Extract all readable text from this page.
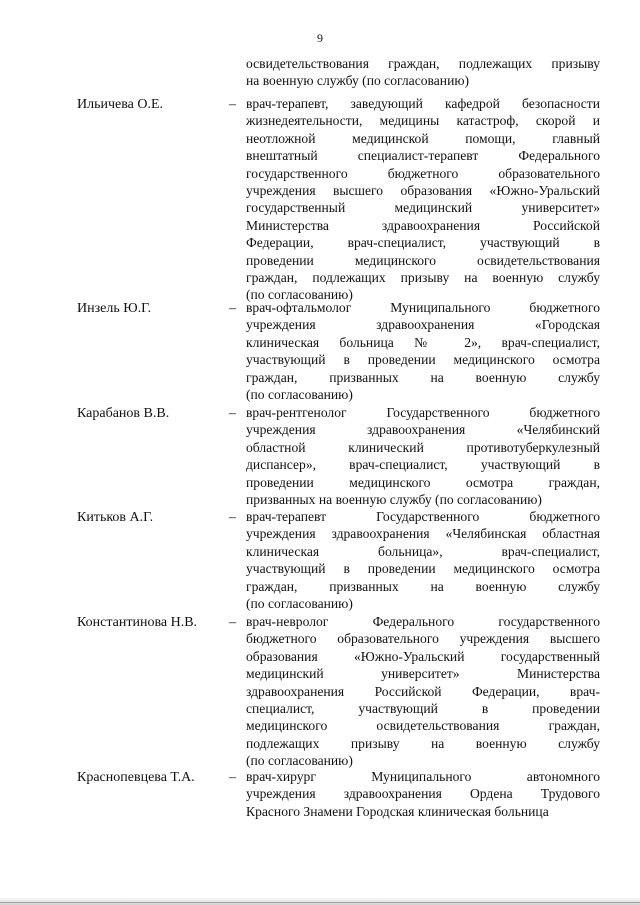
9
освидетельствования граждан, подлежащих призыву
на военную службу (по согласованию)
Ильичева О.Е.	– врач-терапевт, заведующий кафедрой безопасности
жизнедеятельности, медицины катастроф, скорой и
неотложной медицинской помощи, главный
внештатный специалист-терапевт Федерального
государственного бюджетного образовательного
учреждения высшего образования «Южно-Уральский
государственный медицинский университет»
Министерства здравоохранения Российской
Федерации, врач-специалист, участвующий в
проведении медицинского освидетельствования
граждан, подлежащих призыву на военную службу
(по согласованию)
Инзель Ю.Г.	– врач-офтальмолог Муниципального бюджетного
учреждения здравоохранения «Городская
клиническая больница № 2», врач-специалист,
участвующий в проведении медицинского осмотра
граждан, призванных на военную службу
(по согласованию)
Карабанов В.В.	– врач-рентгенолог Государственного бюджетного
учреждения здравоохранения «Челябинский
областной клинический противотуберкулезный
диспансер», врач-специалист, участвующий в
проведении медицинского осмотра граждан,
призванных на военную службу (по согласованию)
Китьков А.Г.	– врач-терапевт Государственного бюджетного
учреждения здравоохранения «Челябинская областная
клиническая больница», врач-специалист,
участвующий в проведении медицинского осмотра
граждан, призванных на военную службу
(по согласованию)
Константинова Н.В. – врач-невролог Федерального государственного
бюджетного образовательного учреждения высшего
образования «Южно-Уральский государственный
медицинский университет» Министерства
здравоохранения Российской Федерации, врач-
специалист, участвующий в проведении
медицинского освидетельствования граждан,
подлежащих призыву на военную службу
(по согласованию)
Краснопевцева Т.А. – врач-хирург Муниципального автономного
учреждения здравоохранения Ордена Трудового
Красного Знамени Городская клиническая больница
